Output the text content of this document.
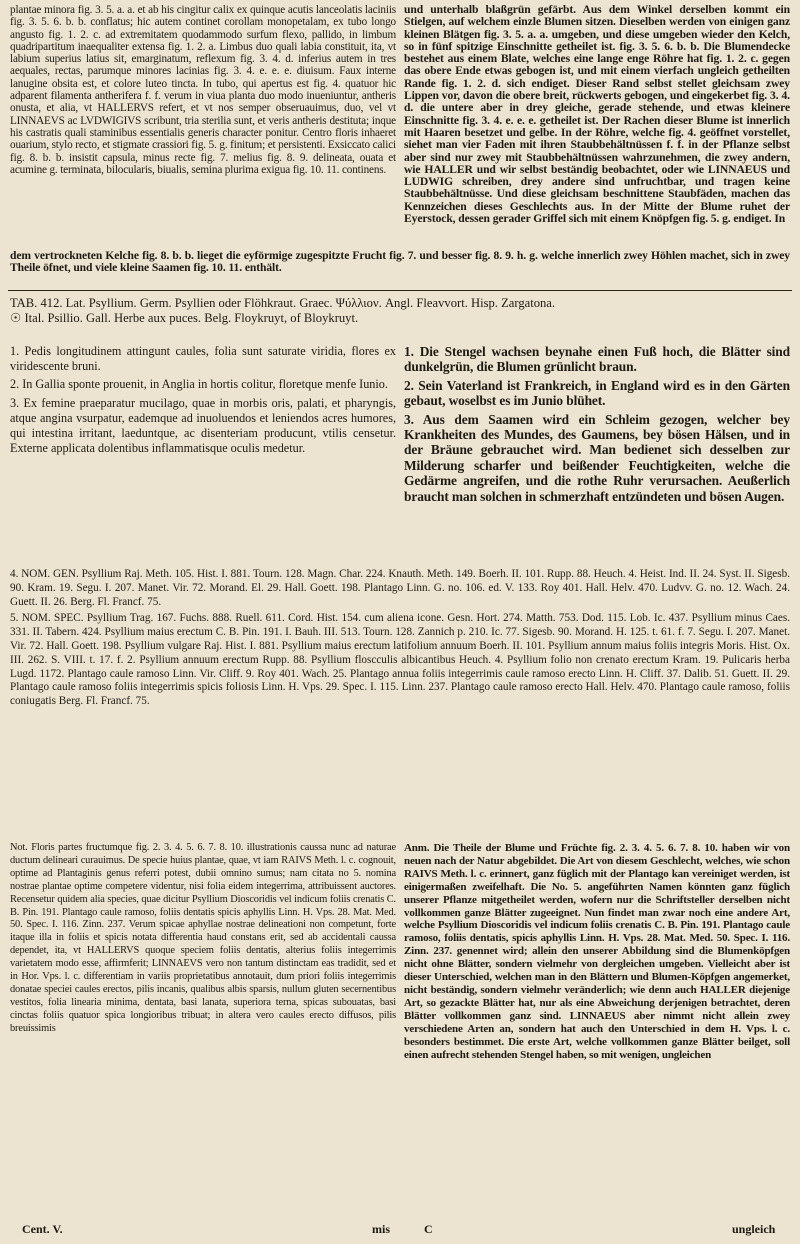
plantae minora fig. 3. 5. a. a. et ab his cingitur calix ex quinque acutis lanceolatis laciniis fig. 3. 5. 6. b. b. conflatus; hic autem continet corollam monopetalam, ex tubo longo angusto fig. 1. 2. c. ad extremitatem quodammodo surfum flexo, pallido, in limbum quadripartitum inaequaliter extensa fig. 1. 2. a. Limbus duo quali labia constituit, ita, vt labium superius latius sit, emarginatum, reflexum fig. 3. 4. d. inferius autem in tres aequales, rectas, parumque minores lacinias fig. 3. 4. e. e. e. diuisum. Faux interne lanugine obsita est, et colore luteo tincta. In tubo, qui apertus est fig. 4. quatuor hic adparent filamenta antherifera f. f. verum in viua planta duo modo inueniuntur, antheris onusta, et alia, vt HALLERVS refert, et vt nos semper obseruauimus, duo, vel vt LINNAEVS ac LVDWIGIVS scribunt, tria sterilia sunt, et veris antheris destituta; inque his castratis quali staminibus essentialis generis character ponitur. Centro floris inhaeret ouarium, stylo recto, et stigmate crassiori fig. 5. g. finitum; et persistenti. Exsiccato calici fig. 8. b. b. insistit capsula, minus recte fig. 7. melius fig. 8. 9. delineata, ouata et acumine g. terminata, bilocularis, biualis, semina plurima exigua fig. 10. 11. continens.

und unterhalb blaßgrün gefärbt. Aus dem Winkel derselben kommt ein Stielgen, auf welchem einzle Blumen sitzen. Dieselben werden von einigen ganz kleinen Blätgen fig. 3. 5. a. a. umgeben, und diese umgeben wieder den Kelch, so in fünf spitzige Einschnitte getheilet ist. fig. 3. 5. 6. b. b. Die Blumendecke bestehet aus einem Blate, welches eine lange enge Röhre hat fig. 1. 2. c. gegen das obere Ende etwas gebogen ist, und mit einem vierfach ungleich getheilten Rande fig. 1. 2. d. sich endiget. Dieser Rand selbst stellet gleichsam zwey Lippen vor, davon die obere breit, rückwerts gebogen, und eingekerbet fig. 3. 4. d. die untere aber in drey gleiche, gerade stehende, und etwas kleinere Einschnitte fig. 3. 4. e. e. e. getheilet ist. Der Rachen dieser Blume ist innerlich mit Haaren besetzet und gelbe. In der Röhre, welche fig. 4. geöffnet vorstellet, siehet man vier Faden mit ihren Staubbehältnüssen f. f. in der Pflanze selbst aber sind nur zwey mit Staubbehältnüssen wahrzunehmen, die zwey andern, wie HALLER und wir selbst beständig beobachtet, oder wie LINNAEUS und LUDWIG schreiben, drey andere sind unfruchtbar, und tragen keine Staubbehältnüsse. Und diese gleichsam beschnittene Staubfäden, machen das Kennzeichen dieses Geschlechts aus. In der Mitte der Blume ruhet der Eyerstock, dessen gerader Griffel sich mit einem Knöpfgen fig. 5. g. endiget. In

dem vertrockneten Kelche fig. 8. b. b. lieget die eyförmige zugespitzte Frucht fig. 7. und besser fig. 8. 9. h. g. welche innerlich zwey Höhlen machet, sich in zwey Theile öfnet, und viele kleine Saamen fig. 10. 11. enthält.

TAB. 412. Lat. Psyllium. Germ. Psyllien oder Flöhkraut. Graec. Ψύλλιον. Angl. Fleavvort. Hisp. Zargatona.
☉ Ital. Psillio. Gall. Herbe aux puces. Belg. Floykruyt, of Bloykruyt.

1. Pedis longitudinem attingunt caules, folia sunt saturate viridia, flores ex viridescente bruni.

2. In Gallia sponte prouenit, in Anglia in hortis colitur, floretque menfe Iunio.

3. Ex femine praeparatur mucilago, quae in morbis oris, palati, et pharyngis, atque angina vsurpatur, eademque ad inuoluendos et leniendos acres humores, qui intestina irritant, laeduntque, ac disenteriam producunt, vtilis censetur. Externe applicata dolentibus inflammatisque oculis medetur.

1. Die Stengel wachsen beynahe einen Fuß hoch, die Blätter sind dunkelgrün, die Blumen grünlicht braun.

2. Sein Vaterland ist Frankreich, in England wird es in den Gärten gebaut, woselbst es im Junio blühet.

3. Aus dem Saamen wird ein Schleim gezogen, welcher bey Krankheiten des Mundes, des Gaumens, bey bösen Hälsen, und in der Bräune gebrauchet wird. Man bedienet sich desselben zur Milderung scharfer und beißender Feuchtigkeiten, welche die Gedärme angreifen, und die rothe Ruhr verursachen. Aeußerlich braucht man solchen in schmerzhaft entzündeten und bösen Augen.

4. NOM. GEN. Psyllium Raj. Meth. 105. Hist. I. 881. Tourn. 128. Magn. Char. 224. Knauth. Meth. 149. Boerh. II. 101. Rupp. 88. Heuch. 4. Heist. Ind. II. 24. Syst. II. Sigesb. 90. Kram. 19. Segu. I. 207. Manet. Vir. 72. Morand. El. 29. Hall. Goett. 198. Plantago Linn. G. no. 106. ed. V. 133. Roy 401. Hall. Helv. 470. Ludvv. G. no. 12. Wach. 24. Guett. II. 26. Berg. Fl. Francf. 75.

5. NOM. SPEC. Psyllium Trag. 167. Fuchs. 888. Ruell. 611. Cord. Hist. 154. cum aliena icone. Gesn. Hort. 274. Matth. 753. Dod. 115. Lob. Ic. 437. Psyllium minus Caes. 331. II. Tabern. 424. Psyllium maius erectum C. B. Pin. 191. I. Bauh. III. 513. Tourn. 128. Zannich p. 210. Ic. 77. Sigesb. 90. Morand. H. 125. t. 61. f. 7. Segu. I. 207. Manet. Vir. 72. Hall. Goett. 198. Psyllium vulgare Raj. Hist. I. 881. Psyllium maius erectum latifolium annuum Boerh. II. 101. Psyllium annum maius foliis integris Moris. Hist. Ox. III. 262. S. VIII. t. 17. f. 2. Psyllium annuum erectum Rupp. 88. Psyllium floscculis albicantibus Heuch. 4. Psyllium folio non crenato erectum Kram. 19. Pulicaris herba Lugd. 1172. Plantago caule ramoso Linn. Vir. Cliff. 9. Roy 401. Wach. 25. Plantago annua foliis integerrimis caule ramoso erecto Linn. H. Cliff. 37. Dalib. 51. Guett. II. 29. Plantago caule ramoso foliis integerrimis spicis foliosis Linn. H. Vps. 29. Spec. I. 115. Linn. 237. Plantago caule ramoso erecto Hall. Helv. 470. Plantago caule ramoso, foliis coniugatis Berg. Fl. Francf. 75.

Not. Floris partes fructumque fig. 2. 3. 4. 5. 6. 7. 8. 10. illustrationis caussa nunc ad naturae ductum delineari curauimus. De specie huius plantae, quae, vt iam RAIVS Meth. l. c. cognouit, optime ad Plantaginis genus referri potest, dubii omnino sumus; nam citata no 5. nomina nostrae plantae optime competere videntur, nisi folia eidem integerrima, attribuissent auctores. Recensetur quidem alia species, quae dicitur Psyllium Dioscoridis vel indicum foliis crenatis C. B. Pin. 191. Plantago caule ramoso, foliis dentatis spicis aphyllis Linn. H. Vps. 28. Mat. Med. 50. Spec. I. 116. Zinn. 237. Verum spicae aphyllae nostrae delineationi non competunt, forte itaque illa in foliis et spicis notata differentia haud constans erit, sed ab accidentali caussa dependet, ita, vt HALLERVS quoque speciem foliis dentatis, alterius foliis integerrimis varietatem modo esse, affirmferit; LINNAEVS vero non tantum distinctam eas tradidit, sed et in Hor. Vps. l. c. differentiam in variis proprietatibus annotauit, dum priori foliis integerrimis donatae speciei caules erectos, pilis incanis, qualibus albis sparsis, nullum gluten secernentibus vestitos, folia linearia minima, dentata, basi lanata, superiora terna, spicas subouatas, basi cinctas foliis quatuor spica longioribus tribuat; in altera vero caules erecto diffusos, pilis breuissimis

Anm. Die Theile der Blume und Früchte fig. 2. 3. 4. 5. 6. 7. 8. 10. haben wir von neuen nach der Natur abgebildet. Die Art von diesem Geschlecht, welches, wie schon RAIVS Meth. l. c. erinnert, ganz füglich mit der Plantago kan vereiniget werden, ist einigermaßen zweifelhaft. Die No. 5. angeführten Namen könnten ganz füglich unserer Pflanze mitgetheilet werden, wofern nur die Schriftsteller derselben nicht vollkommen ganze Blätter zugeeignet. Nun findet man zwar noch eine andere Art, welche Psyllium Dioscoridis vel indicum foliis crenatis C. B. Pin. 191. Plantago caule ramoso, foliis dentatis, spicis aphyllis Linn. H. Vps. 28. Mat. Med. 50. Spec. I. 116. Zinn. 237. genennet wird; allein den unserer Abbildung sind die Blumenköpfgen nicht ohne Blätter, sondern vielmehr von dergleichen umgeben. Vielleicht aber ist dieser Unterschied, welchen man in den Blättern und Blumen-Köpfgen angemerket, nicht beständig, sondern vielmehr veränderlich; wie denn auch HALLER diejenige Art, so gezackte Blätter hat, nur als eine Abweichung derjenigen betrachtet, deren Blätter vollkommen ganz sind. LINNAEUS aber nimmt nicht allein zwey verschiedene Arten an, sondern hat auch den Unterschied in dem H. Vps. l. c. besonders bestimmet. Die erste Art, welche vollkommen ganze Blätter beilget, soll einen aufrecht stehenden Stengel haben, so mit wenigen, ungleichen

Cent. V.	mis	C	ungleich
